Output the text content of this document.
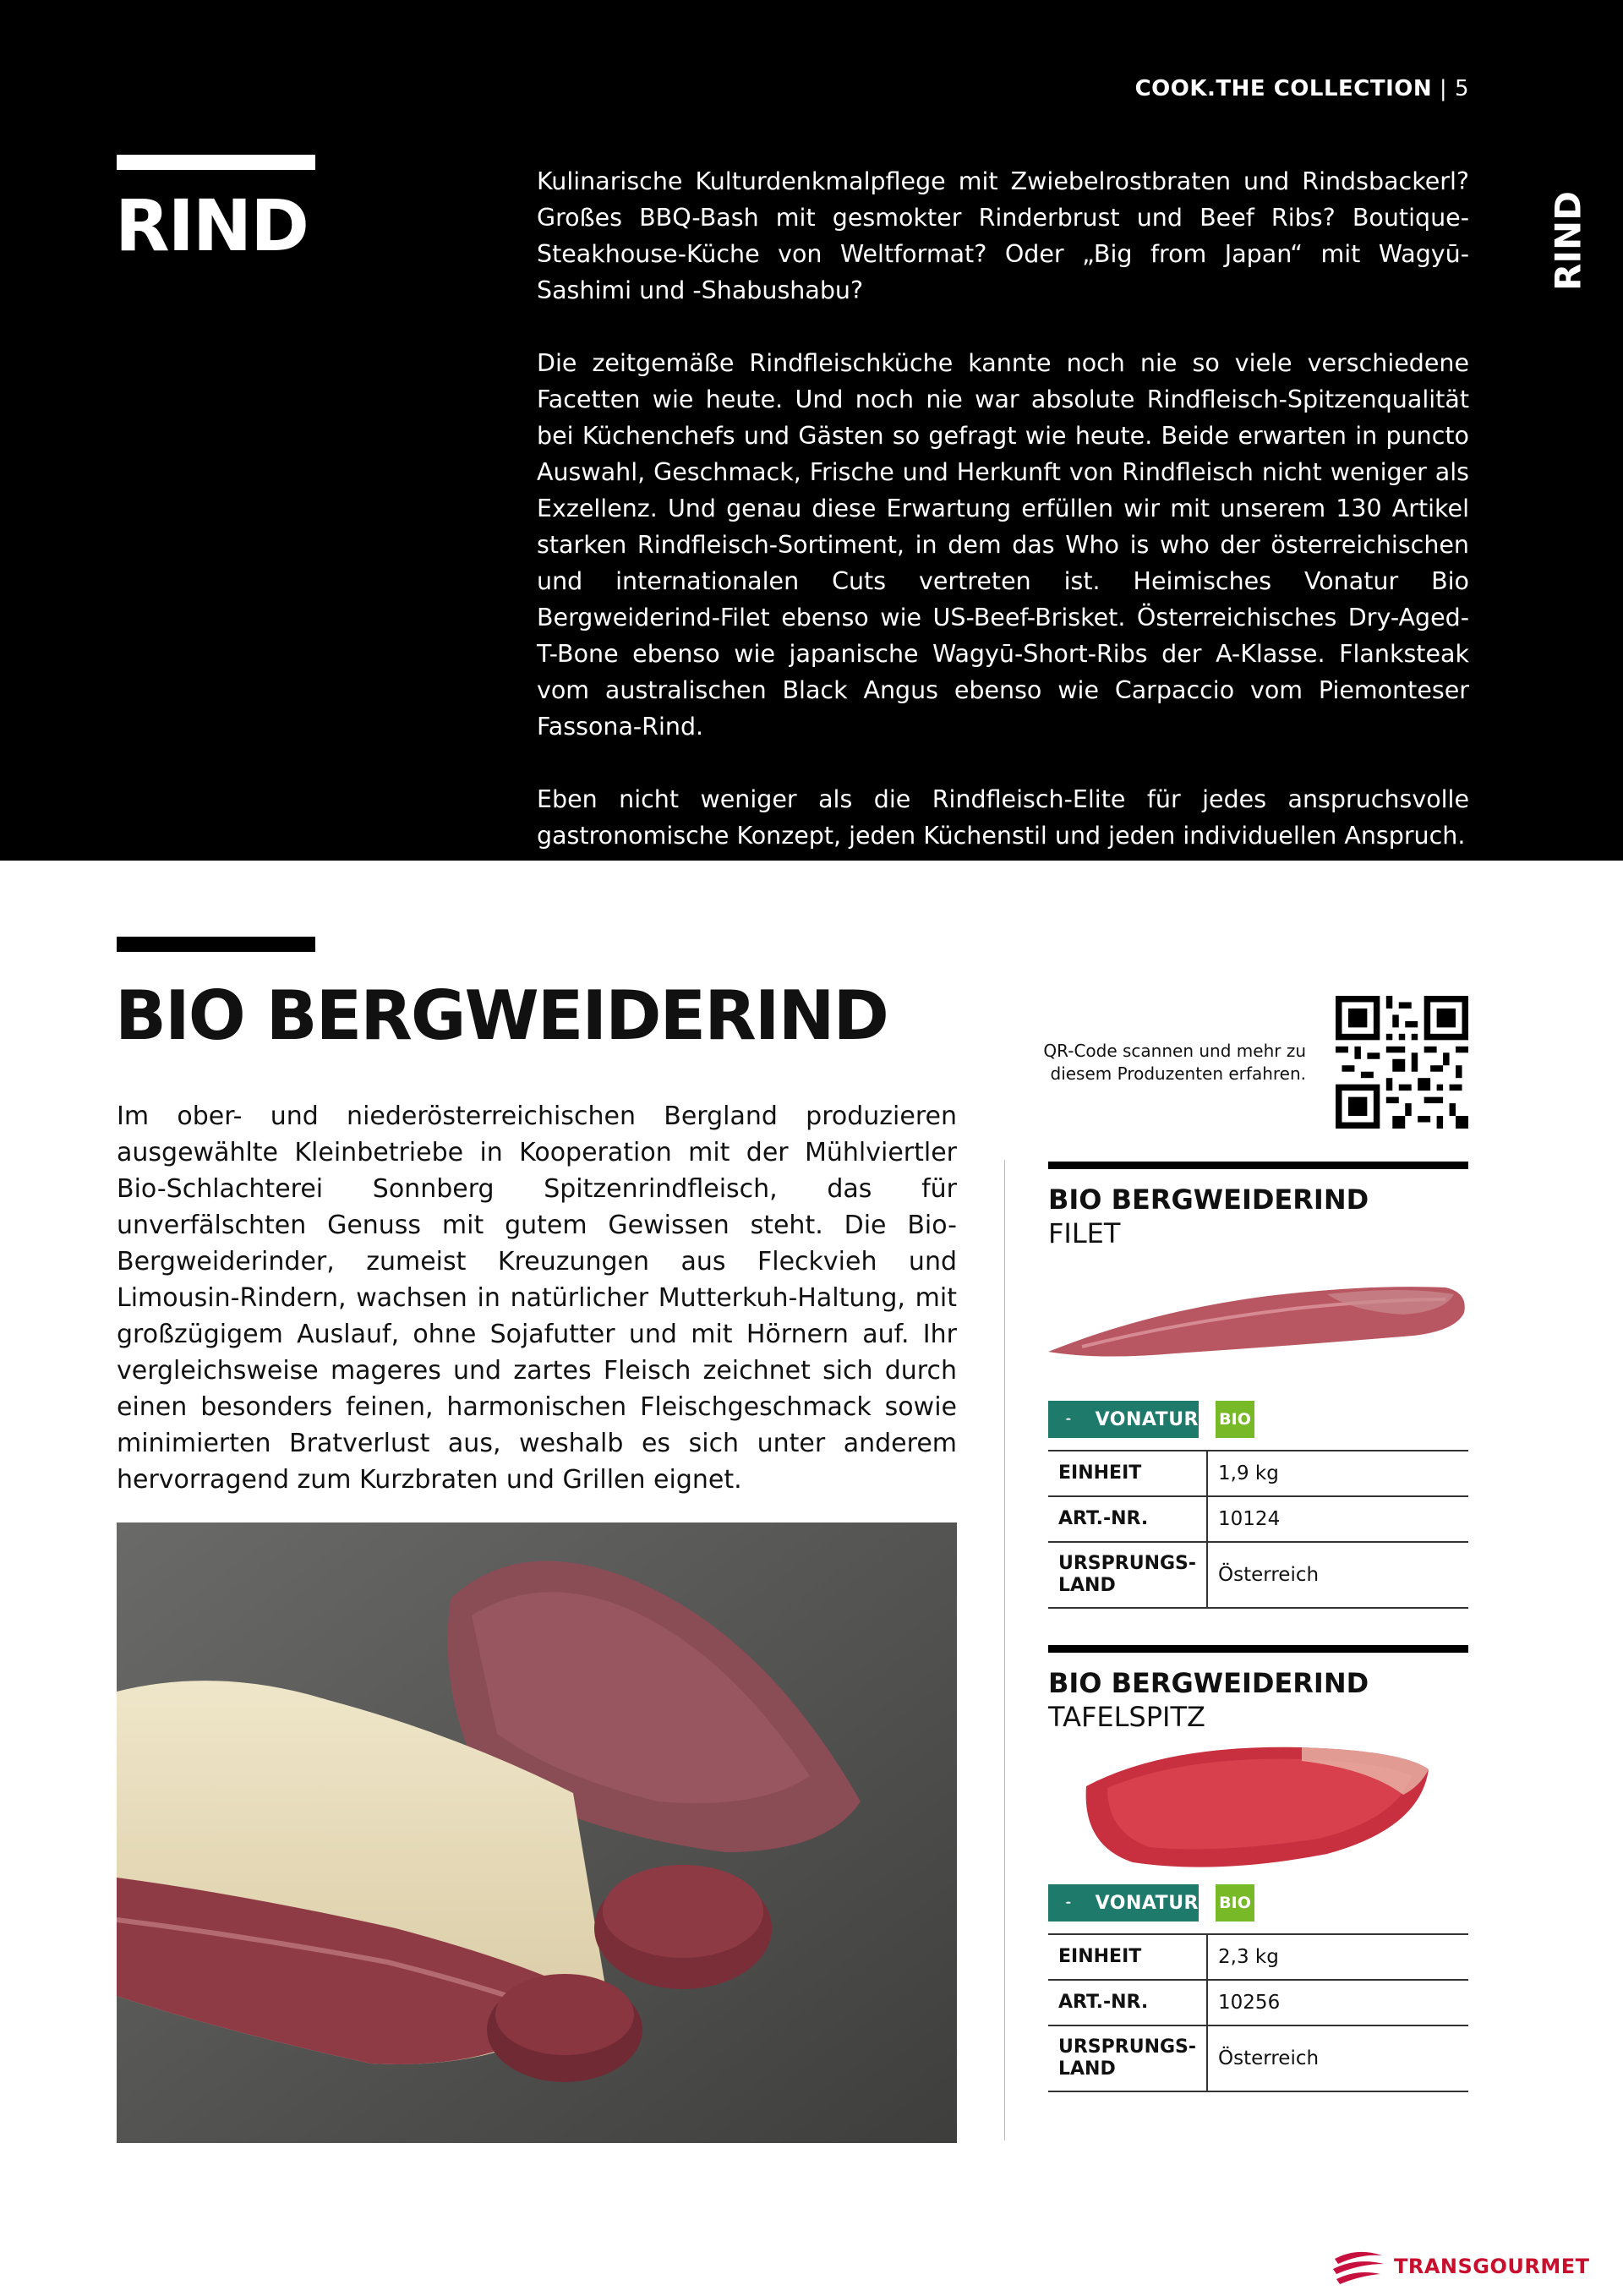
COOK.THE COLLECTION | 5
RIND	RIND

Kulinarische Kulturdenkmalpflege mit Zwiebelrostbraten und Rindsbackerl? Großes BBQ-Bash mit gesmokter Rinderbrust und Beef Ribs? Boutique-Steakhouse-Küche von Weltformat? Oder „Big from Japan“ mit Wagyū-Sashimi und -Shabushabu?

Die zeitgemäße Rindfleischküche kannte noch nie so viele verschiedene Facetten wie heute. Und noch nie war absolute Rindfleisch-Spitzenqualität bei Küchenchefs und Gästen so gefragt wie heute. Beide erwarten in puncto Auswahl, Geschmack, Frische und Herkunft von Rindfleisch nicht weniger als Exzellenz. Und genau diese Erwartung erfüllen wir mit unserem 130 Artikel starken Rindfleisch-Sortiment, in dem das Who is who der österreichischen und internationalen Cuts vertreten ist. Heimisches Vonatur Bio Bergweiderind-Filet ebenso wie US-Beef-Brisket. Österreichisches Dry-Aged-T-Bone ebenso wie japanische Wagyū-Short-Ribs der A-Klasse. Flanksteak vom australischen Black Angus ebenso wie Carpaccio vom Piemonteser Fassona-Rind.

Eben nicht weniger als die Rindfleisch-Elite für jedes anspruchsvolle gastronomische Konzept, jeden Küchenstil und jeden individuellen Anspruch.

BIO BERGWEIDERIND

Im ober- und niederösterreichischen Bergland produzieren ausgewählte Kleinbetriebe in Kooperation mit der Mühlviertler Bio-Schlachterei Sonnberg Spitzenrindfleisch, das für unverfälschten Genuss mit gutem Gewissen steht. Die Bio-Bergweiderinder, zumeist Kreuzungen aus Fleckvieh und Limousin-Rindern, wachsen in natürlicher Mutterkuh-Haltung, mit großzügigem Auslauf, ohne Sojafutter und mit Hörnern auf. Ihr vergleichsweise mageres und zartes Fleisch zeichnet sich durch einen besonders feinen, harmonischen Fleischgeschmack sowie minimierten Bratverlust aus, weshalb es sich unter anderem hervorragend zum Kurzbraten und Grillen eignet.

QR-Code scannen und mehr zu
diesem Produzenten erfahren.
BIO BERGWEIDERIND
FILET
VONATUR BIO
EINHEIT	1,9 kg
ART.-NR.	10124
URSPRUNGS-
LAND	Österreich
BIO BERGWEIDERIND
TAFELSPITZ
VONATUR BIO
EINHEIT	2,3 kg
ART.-NR.	10256
URSPRUNGS-
LAND	Österreich
TRANSGOURMET
